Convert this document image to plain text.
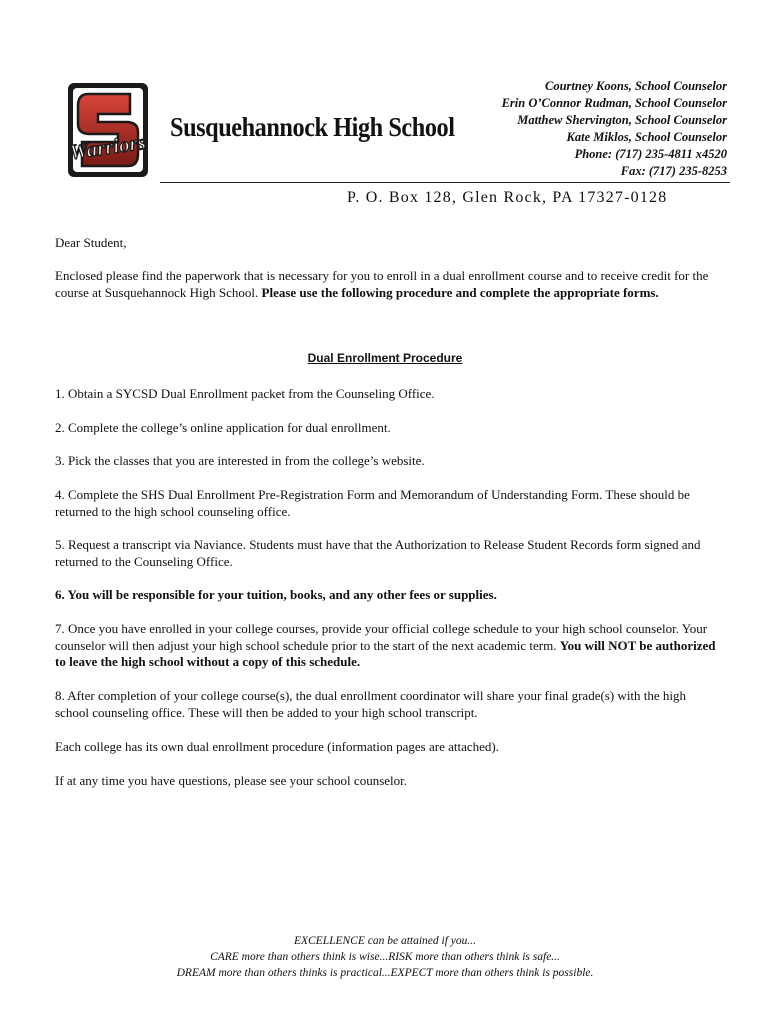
Warriors
Susquehannock High School
Courtney Koons, School Counselor
Erin O’Connor Rudman, School Counselor
Matthew Shervington, School Counselor
Kate Miklos, School Counselor
Phone: (717) 235-4811 x4520
Fax: (717) 235-8253
P. O. Box 128, Glen Rock, PA 17327-0128
Dear Student,
Enclosed please find the paperwork that is necessary for you to enroll in a dual enrollment course and to receive credit for the course at Susquehannock High School. Please use the following procedure and complete the appropriate forms.
Dual Enrollment Procedure
1. Obtain a SYCSD Dual Enrollment packet from the Counseling Office.
2. Complete the college’s online application for dual enrollment.
3. Pick the classes that you are interested in from the college’s website.
4. Complete the SHS Dual Enrollment Pre-Registration Form and Memorandum of Understanding Form. These should be returned to the high school counseling office.
5. Request a transcript via Naviance. Students must have that the Authorization to Release Student Records form signed and returned to the Counseling Office.
6. You will be responsible for your tuition, books, and any other fees or supplies.
7. Once you have enrolled in your college courses, provide your official college schedule to your high school counselor. Your counselor will then adjust your high school schedule prior to the start of the next academic term. You will NOT be authorized to leave the high school without a copy of this schedule.
8. After completion of your college course(s), the dual enrollment coordinator will share your final grade(s) with the high school counseling office. These will then be added to your high school transcript.
Each college has its own dual enrollment procedure (information pages are attached).
If at any time you have questions, please see your school counselor.
EXCELLENCE can be attained if you...
CARE more than others think is wise...RISK more than others think is safe...
DREAM more than others thinks is practical...EXPECT more than others think is possible.
